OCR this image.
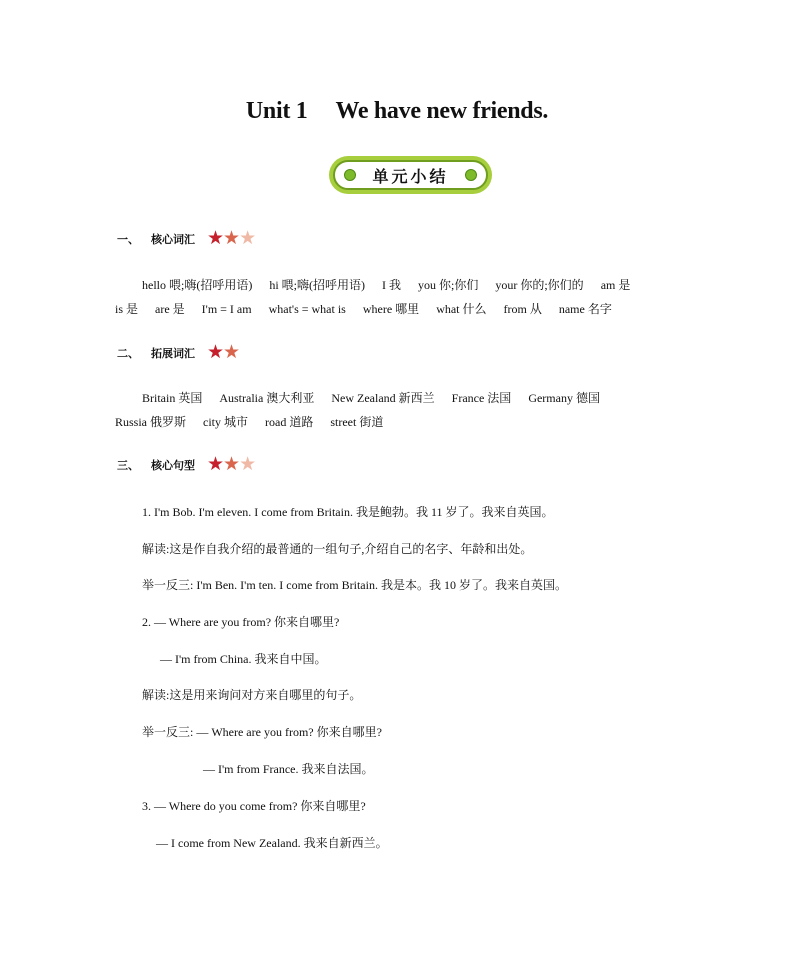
Unit 1 We have new friends.
单元小结
一、 核心词汇 ★ ★ ★
hello 喂;嗨(招呼用语) hi 喂;嗨(招呼用语) I 我 you 你;你们 your 你的;你们的 am 是
is 是 are 是 I'm = I am what's = what is where 哪里 what 什么 from 从 name 名字
二、 拓展词汇 ★ ★
Britain 英国 Australia 澳大利亚 New Zealand 新西兰 France 法国 Germany 德国
Russia 俄罗斯 city 城市 road 道路 street 街道
三、 核心句型 ★ ★ ★
1. I'm Bob. I'm eleven. I come from Britain. 我是鲍勃。我 11 岁了。我来自英国。
解读:这是作自我介绍的最普通的一组句子,介绍自己的名字、年龄和出处。
举一反三: I'm Ben. I'm ten. I come from Britain. 我是本。我 10 岁了。我来自英国。
2. — Where are you from? 你来自哪里?
— I'm from China. 我来自中国。
解读:这是用来询问对方来自哪里的句子。
举一反三: — Where are you from? 你来自哪里?
— I'm from France. 我来自法国。
3. — Where do you come from? 你来自哪里?
— I come from New Zealand. 我来自新西兰。
